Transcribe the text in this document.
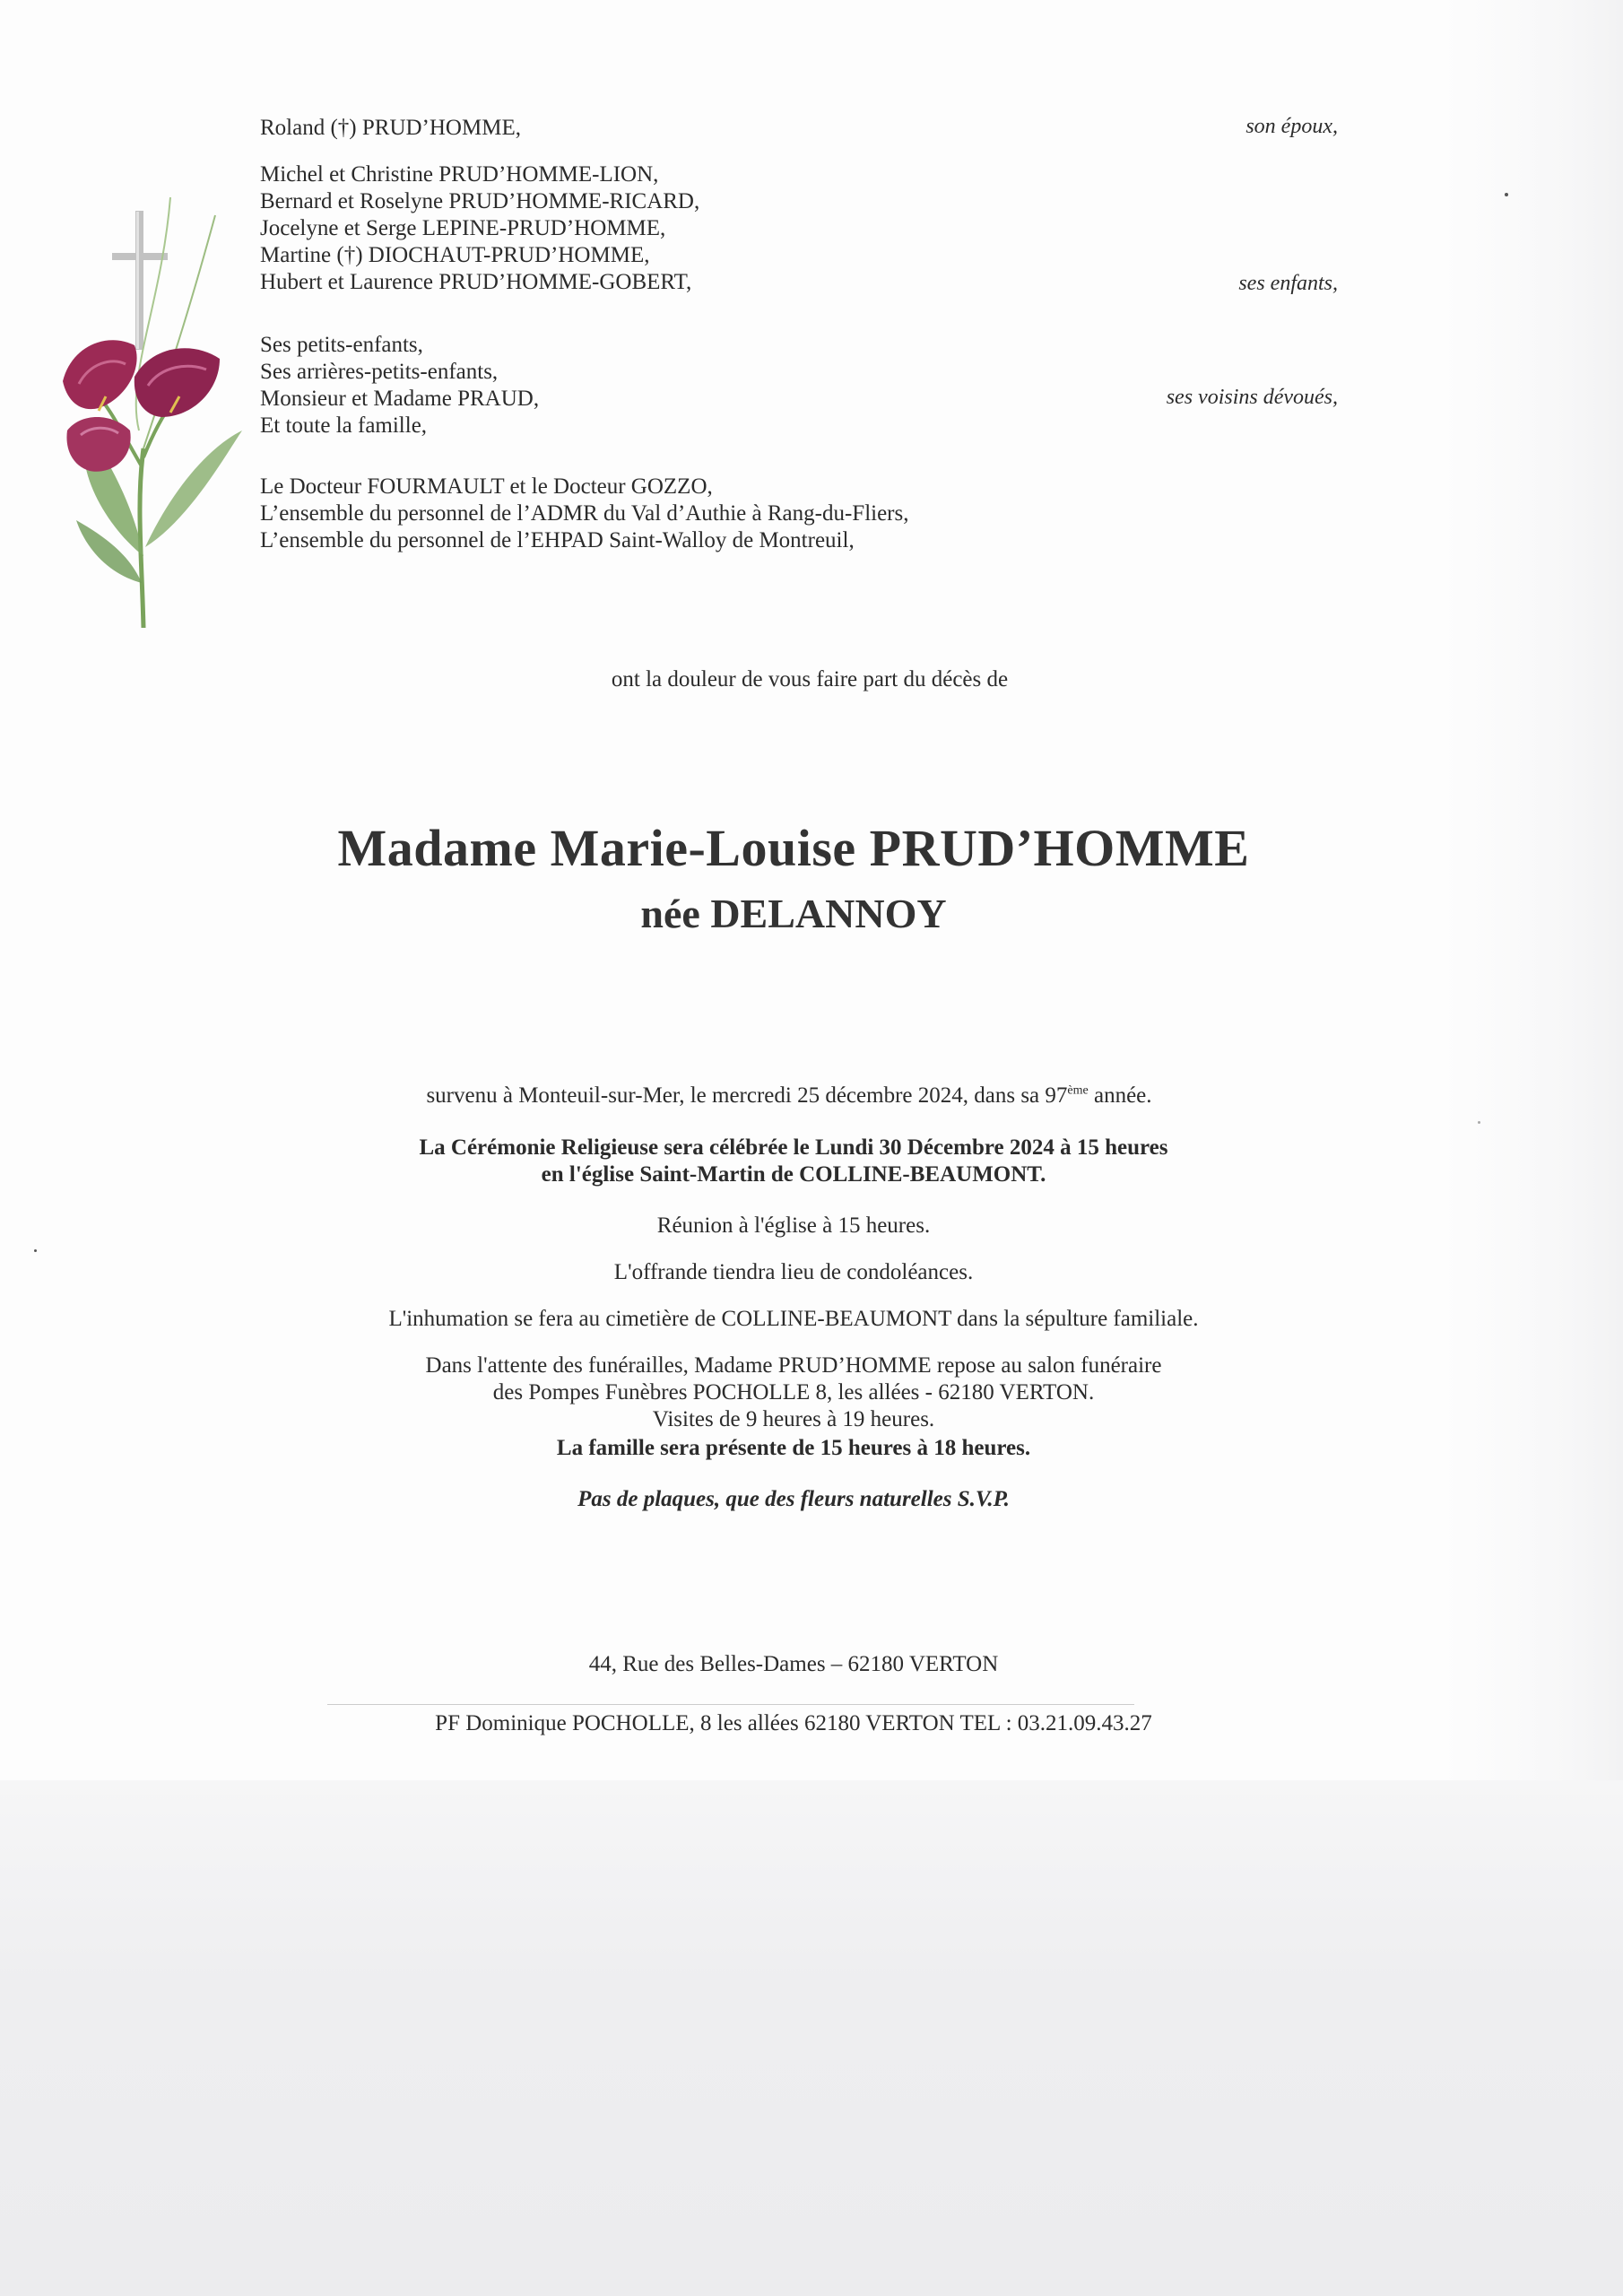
Roland (†) PRUD’HOMME,	son époux,
Michel et Christine PRUD’HOMME-LION,
Bernard et Roselyne PRUD’HOMME-RICARD,
Jocelyne et Serge LEPINE-PRUD’HOMME,
Martine (†) DIOCHAUT-PRUD’HOMME,
Hubert et Laurence PRUD’HOMME-GOBERT,	ses enfants,
Ses petits-enfants,
Ses arrières-petits-enfants,
Monsieur et Madame PRAUD,
Et toute la famille,
ses voisins dévoués,
Le Docteur FOURMAULT et le Docteur GOZZO,
L’ensemble du personnel de l’ADMR du Val d’Authie à Rang-du-Fliers,
L’ensemble du personnel de l’EHPAD Saint-Walloy de Montreuil,
ont la douleur de vous faire part du décès de
Madame Marie-Louise PRUD’HOMME
née DELANNOY
survenu à Monteuil-sur-Mer, le mercredi 25 décembre 2024, dans sa 97ème année.
La Cérémonie Religieuse sera célébrée le Lundi 30 Décembre 2024 à 15 heures
en l'église Saint-Martin de COLLINE-BEAUMONT.
Réunion à l'église à 15 heures.
L'offrande tiendra lieu de condoléances.
L'inhumation se fera au cimetière de COLLINE-BEAUMONT dans la sépulture familiale.
Dans l'attente des funérailles, Madame PRUD’HOMME repose au salon funéraire
des Pompes Funèbres POCHOLLE 8, les allées - 62180 VERTON.
Visites de 9 heures à 19 heures.
La famille sera présente de 15 heures à 18 heures.
Pas de plaques, que des fleurs naturelles S.V.P.
44, Rue des Belles-Dames – 62180 VERTON
PF Dominique POCHOLLE, 8 les allées 62180 VERTON TEL : 03.21.09.43.27
